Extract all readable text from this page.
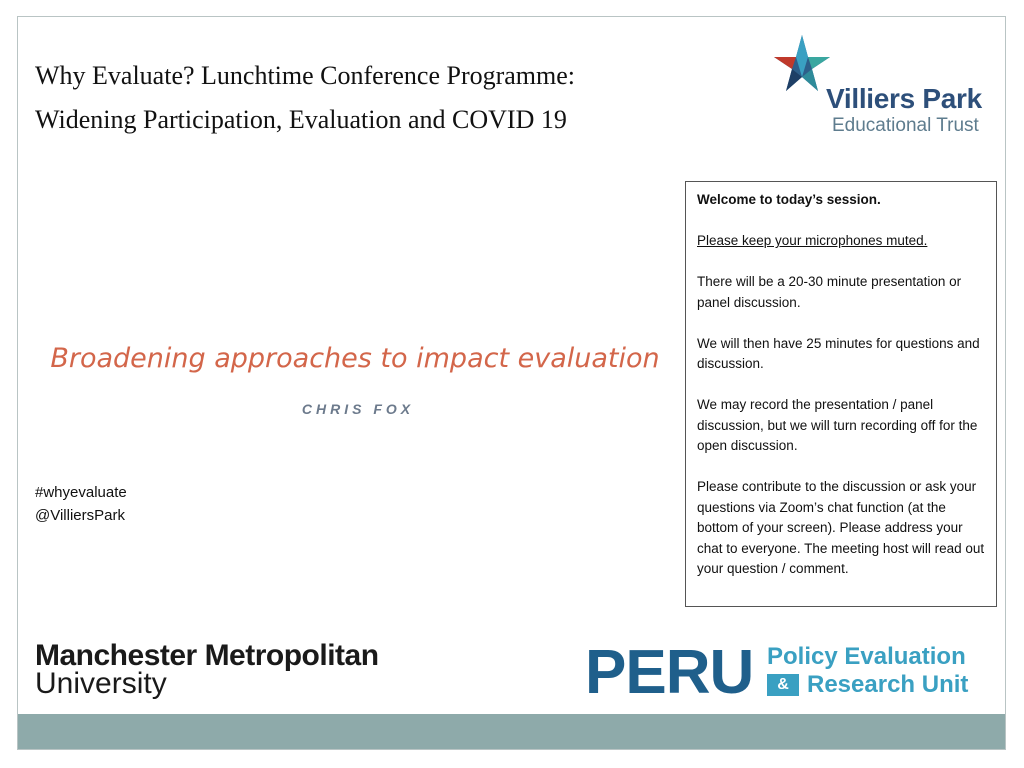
Why Evaluate? Lunchtime Conference Programme:
Widening Participation, Evaluation and COVID 19
Villiers Park
Educational Trust
Broadening approaches to impact evaluation
CHRIS FOX
#whyevaluate
@VilliersPark

Welcome to today’s session.

Please keep your microphones muted.

There will be a 20-30 minute presentation or panel discussion.

We will then have 25 minutes for questions and discussion.

We may record the presentation / panel discussion, but we will turn recording off for the open discussion.

Please contribute to the discussion or ask your questions via Zoom’s chat function (at the bottom of your screen). Please address your chat to everyone. The meeting host will read out your question / comment.

Manchester Metropolitan
University	PERU Policy Evaluation
& Research Unit
